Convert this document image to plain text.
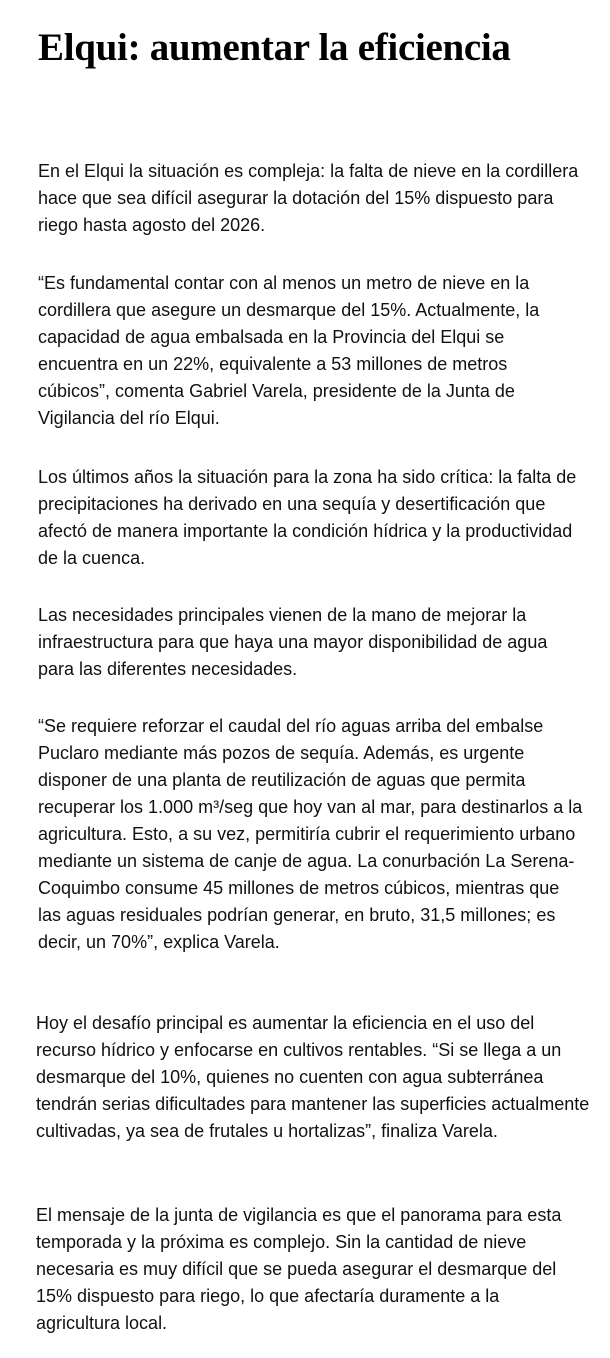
Elqui: aumentar la eficiencia

En el Elqui la situación es compleja: la falta de nieve en la cordillera hace que sea difícil asegurar la dotación del 15% dispuesto para riego hasta agosto del 2026.

“Es fundamental contar con al menos un metro de nieve en la cordillera que asegure un desmarque del 15%. Actualmente, la capacidad de agua embalsada en la Provincia del Elqui se encuentra en un 22%, equivalente a 53 millones de metros cúbicos”, comenta Gabriel Varela, presidente de la Junta de Vigilancia del río Elqui.

Los últimos años la situación para la zona ha sido crítica: la falta de precipitaciones ha derivado en una sequía y desertificación que afectó de manera importante la condición hídrica y la productividad de la cuenca.

Las necesidades principales vienen de la mano de mejorar la infraestructura para que haya una mayor disponibilidad de agua para las diferentes necesidades.

“Se requiere reforzar el caudal del río aguas arriba del embalse Puclaro mediante más pozos de sequía. Además, es urgente disponer de una planta de reutilización de aguas que permita recuperar los 1.000 m³/seg que hoy van al mar, para destinarlos a la agricultura. Esto, a su vez, permitiría cubrir el requerimiento urbano mediante un sistema de canje de agua. La conurbación La Serena-Coquimbo consume 45 millones de metros cúbicos, mientras que las aguas residuales podrían generar, en bruto, 31,5 millones; es decir, un 70%”, explica Varela.

Hoy el desafío principal es aumentar la eficiencia en el uso del recurso hídrico y enfocarse en cultivos rentables. “Si se llega a un desmarque del 10%, quienes no cuenten con agua subterránea tendrán serias dificultades para mantener las superficies actualmente cultivadas, ya sea de frutales u hortalizas”, finaliza Varela.

El mensaje de la junta de vigilancia es que el panorama para esta temporada y la próxima es complejo. Sin la cantidad de nieve necesaria es muy difícil que se pueda asegurar el desmarque del 15% dispuesto para riego, lo que afectaría duramente a la agricultura local.
